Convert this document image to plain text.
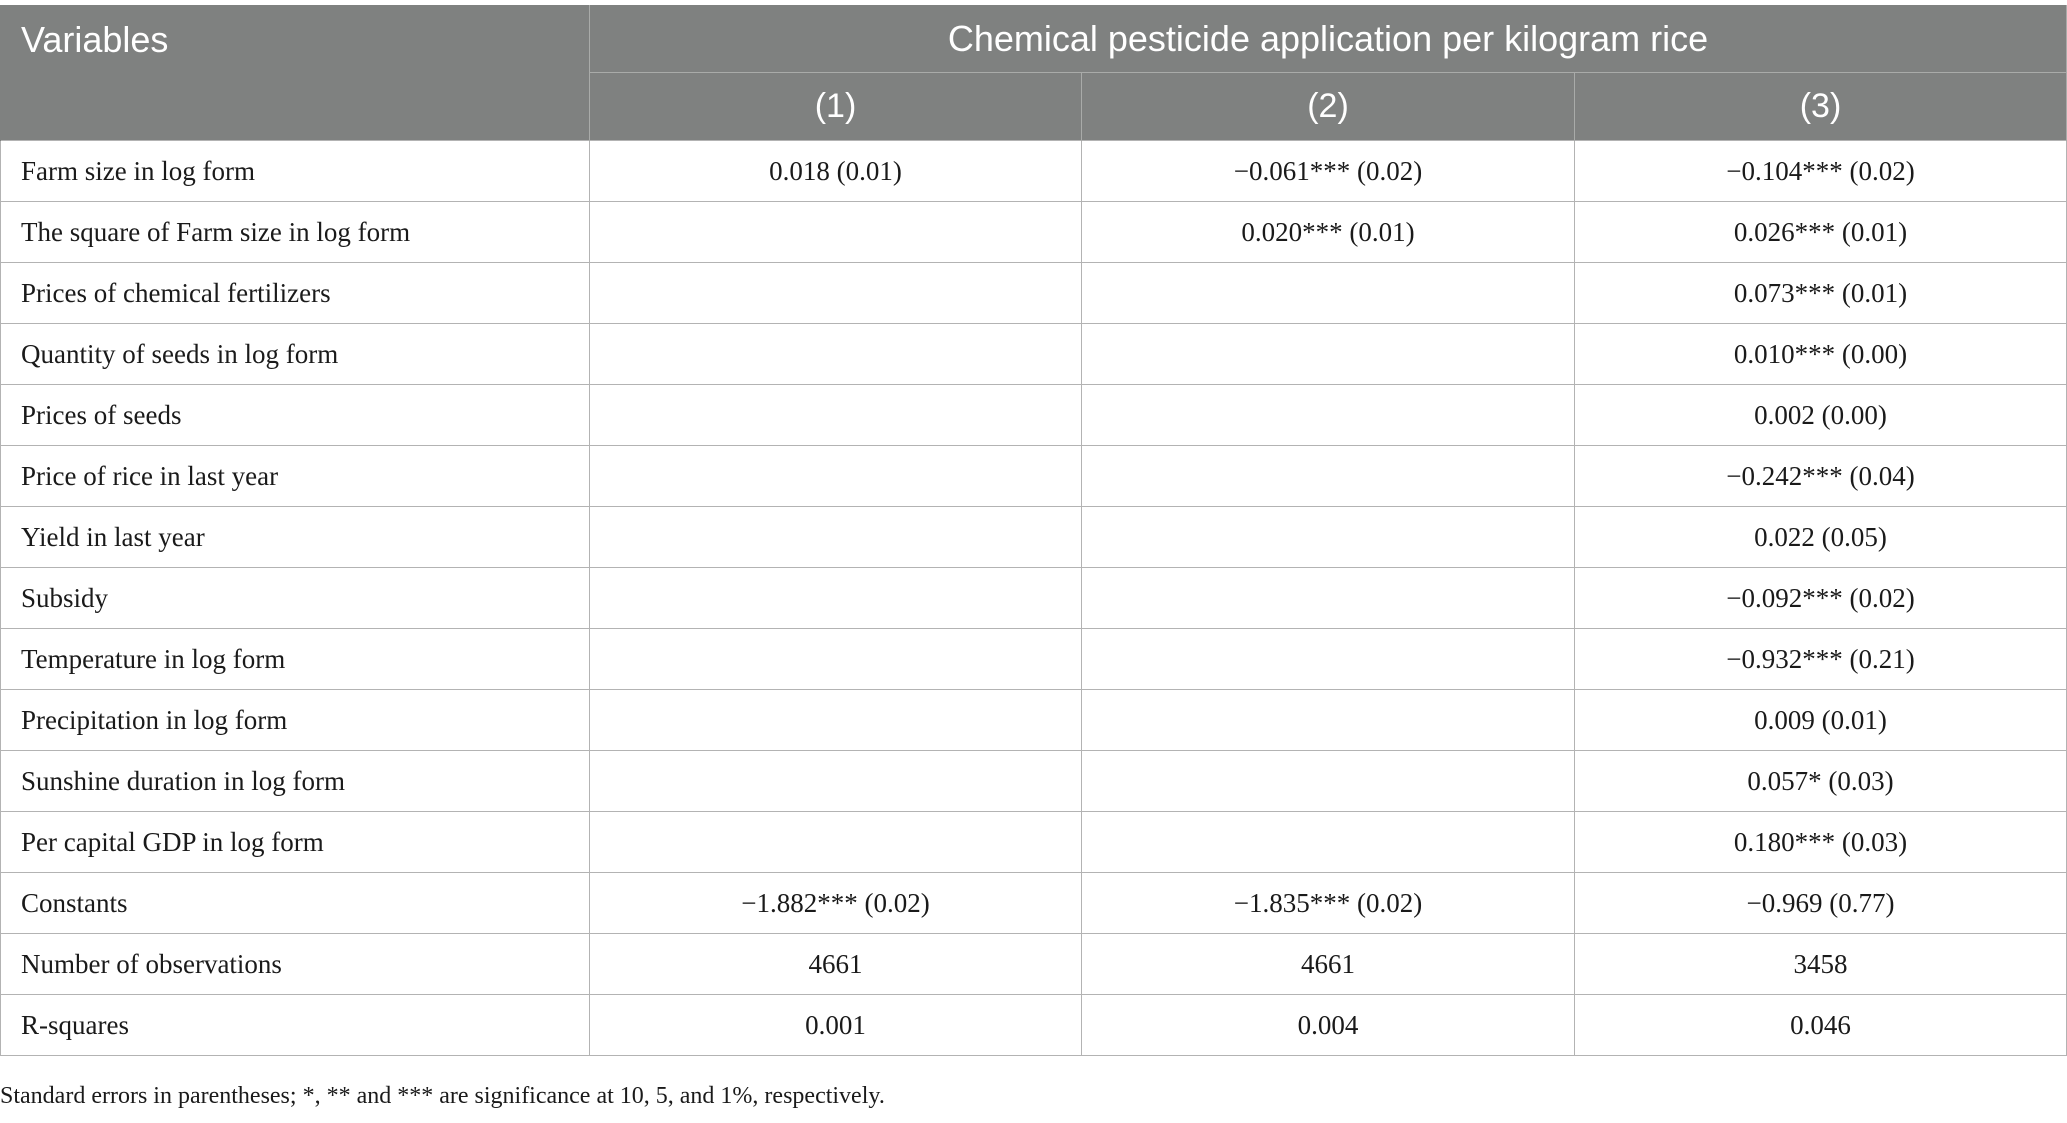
Variables	Chemical pesticide application per kilogram rice		
	(1)	(2)	(3)
Farm size in log form	0.018 (0.01)	−0.061*** (0.02)	−0.104*** (0.02)
The square of Farm size in log form		0.020*** (0.01)	0.026*** (0.01)
Prices of chemical fertilizers			0.073*** (0.01)
Quantity of seeds in log form			0.010*** (0.00)
Prices of seeds			0.002 (0.00)
Price of rice in last year			−0.242*** (0.04)
Yield in last year			0.022 (0.05)
Subsidy			−0.092*** (0.02)
Temperature in log form			−0.932*** (0.21)
Precipitation in log form			0.009 (0.01)
Sunshine duration in log form			0.057* (0.03)
Per capital GDP in log form			0.180*** (0.03)
Constants	−1.882*** (0.02)	−1.835*** (0.02)	−0.969 (0.77)
Number of observations	4661	4661	3458
R-squares	0.001	0.004	0.046
Standard errors in parentheses; *, ** and *** are significance at 10, 5, and 1%, respectively.
